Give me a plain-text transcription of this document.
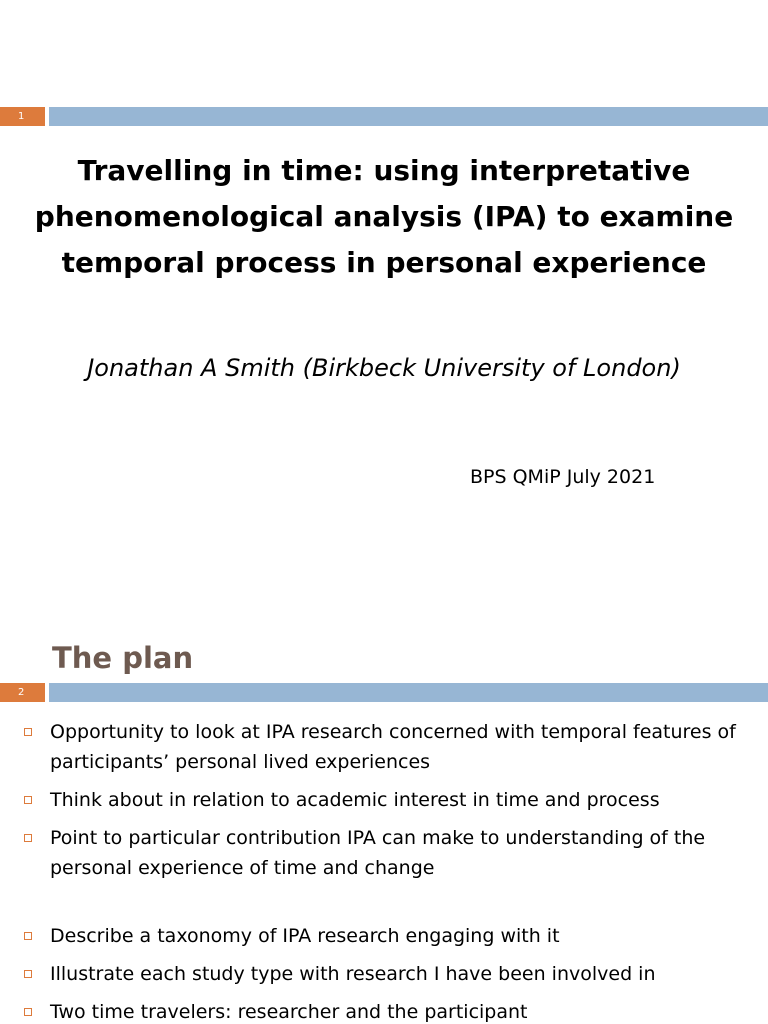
1
Travelling in time: using interpretative phenomenological analysis (IPA) to examine temporal process in personal experience

Jonathan A Smith (Birkbeck University of London)

BPS QMiP July 2021

The plan
2
Opportunity to look at IPA research concerned with temporal features of participants’ personal lived experiences
Think about in relation to academic interest in time and process
Point to particular contribution IPA can make to understanding of the personal experience of time and change
Describe a taxonomy of IPA research engaging with it
Illustrate each study type with research I have been involved in
Two time travelers: researcher and the participant
